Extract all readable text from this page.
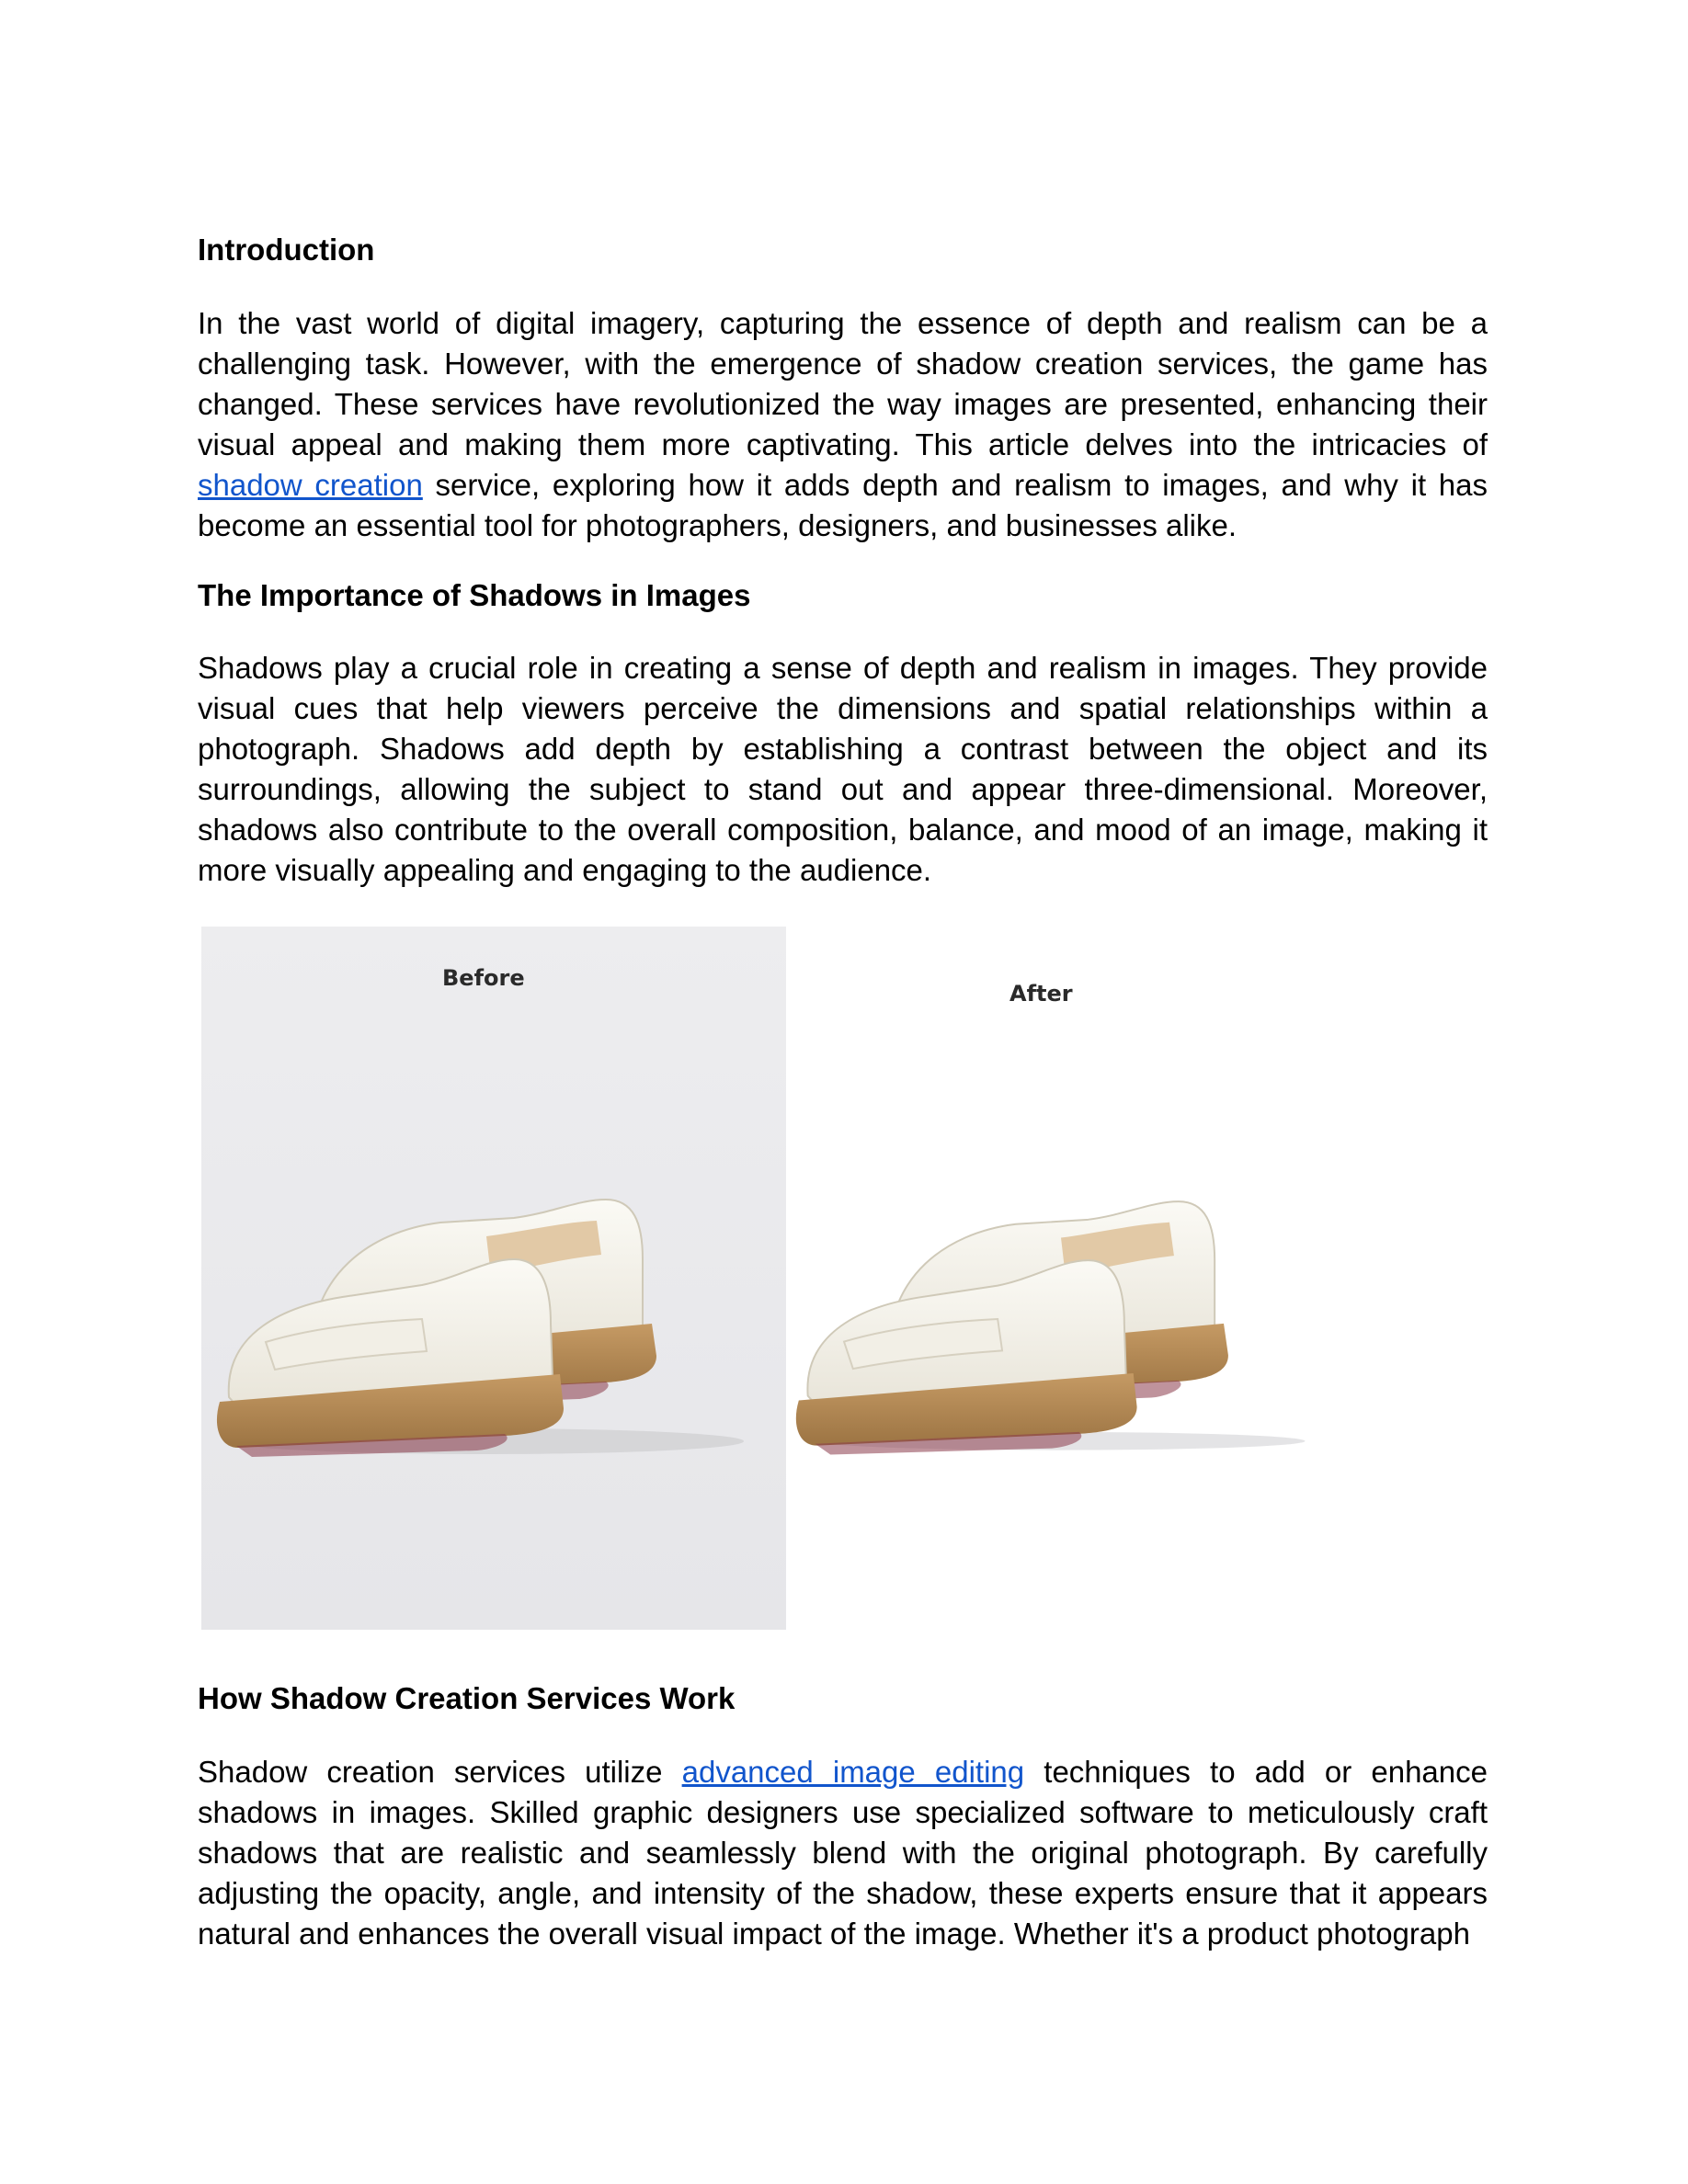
Introduction

In the vast world of digital imagery, capturing the essence of depth and realism can be a challenging task. However, with the emergence of shadow creation services, the game has changed. These services have revolutionized the way images are presented, enhancing their visual appeal and making them more captivating. This article delves into the intricacies of shadow creation service, exploring how it adds depth and realism to images, and why it has become an essential tool for photographers, designers, and businesses alike.

The Importance of Shadows in Images

Shadows play a crucial role in creating a sense of depth and realism in images. They provide visual cues that help viewers perceive the dimensions and spatial relationships within a photograph. Shadows add depth by establishing a contrast between the object and its surroundings, allowing the subject to stand out and appear three-dimensional. Moreover, shadows also contribute to the overall composition, balance, and mood of an image, making it more visually appealing and engaging to the audience.

Before
After
How Shadow Creation Services Work

Shadow creation services utilize advanced image editing techniques to add or enhance shadows in images. Skilled graphic designers use specialized software to meticulously craft shadows that are realistic and seamlessly blend with the original photograph. By carefully adjusting the opacity, angle, and intensity of the shadow, these experts ensure that it appears natural and enhances the overall visual impact of the image. Whether it's a product photograph
